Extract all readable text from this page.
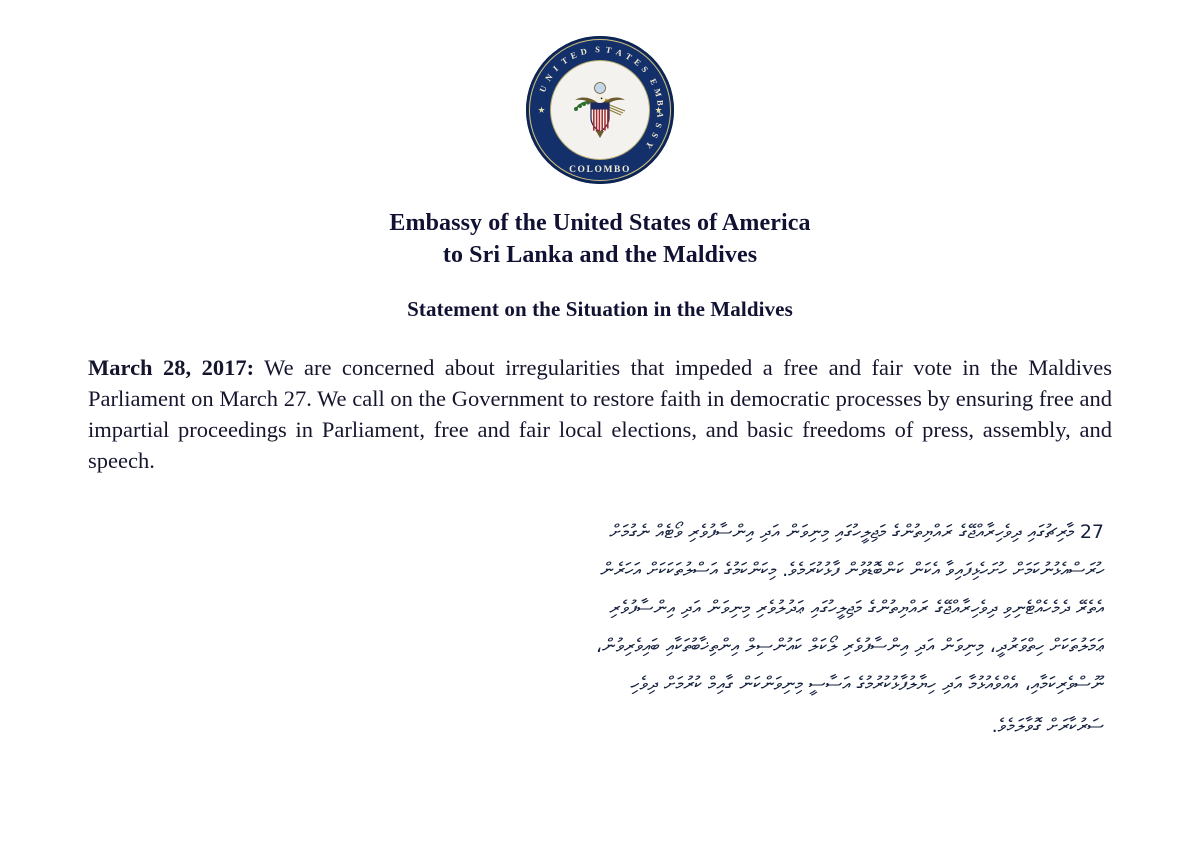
U
N
I
T E D S T A T
E
S
E
M
B
A
S
S
Y
COLOMBO
Embassy of the United States of America
to Sri Lanka and the Maldives
Statement on the Situation in the Maldives

March 28, 2017: We are concerned about irregularities that impeded a free and fair vote in the Maldives Parliament on March 27. We call on the Government to restore faith in democratic processes by ensuring free and impartial proceedings in Parliament, free and fair local elections, and basic freedoms of press, assembly, and speech.

27 މާރިޗުގައި ދިވެހިރާއްޖޭގެ ރައްޔިތުންގެ މަޖިލީހުގައި މިނިވަން އަދި އިންސާފުވެރި ވޯޓެއް ނެގުމަށް
ހުރަސްއެޅުނުކަމަށް ހުށަހެޅިފައިވާ އެކަން ކަންބޮޑުވުން ފާޅުކުރަމެވެ. މިކަންކަމުގެ އަސްލުތަކަކަށް އަހަރެން
އެތެރޭ ދެމެހެއްޓެނިވި ދިވެހިރާއްޖޭގެ ރައްޔިތުންގެ މަޖިލީހުގައި ޢަދުލުވެރި މިނިވަން އަދި އިންސާފުވެރި
ޢަމަލުތަކަށް ހިތްވަރުދީ، މިނިވަން އަދި އިންސާފުވެރި ލޯކަލް ކައުންސިލް އިންތިޚާބުތަކާއި ބައިވެރިވުން،
ނޫސްވެރިކަމާއި، އެއްވެއުޅުމާ އަދި ހިޔާލުފާޅުކުރުމުގެ އަސާސީ މިނިވަންކަން ގާއިމް ކުރުމަށް ދިވެހި
ސަރުކާރަށް ގޮވާލަމެވެ.
